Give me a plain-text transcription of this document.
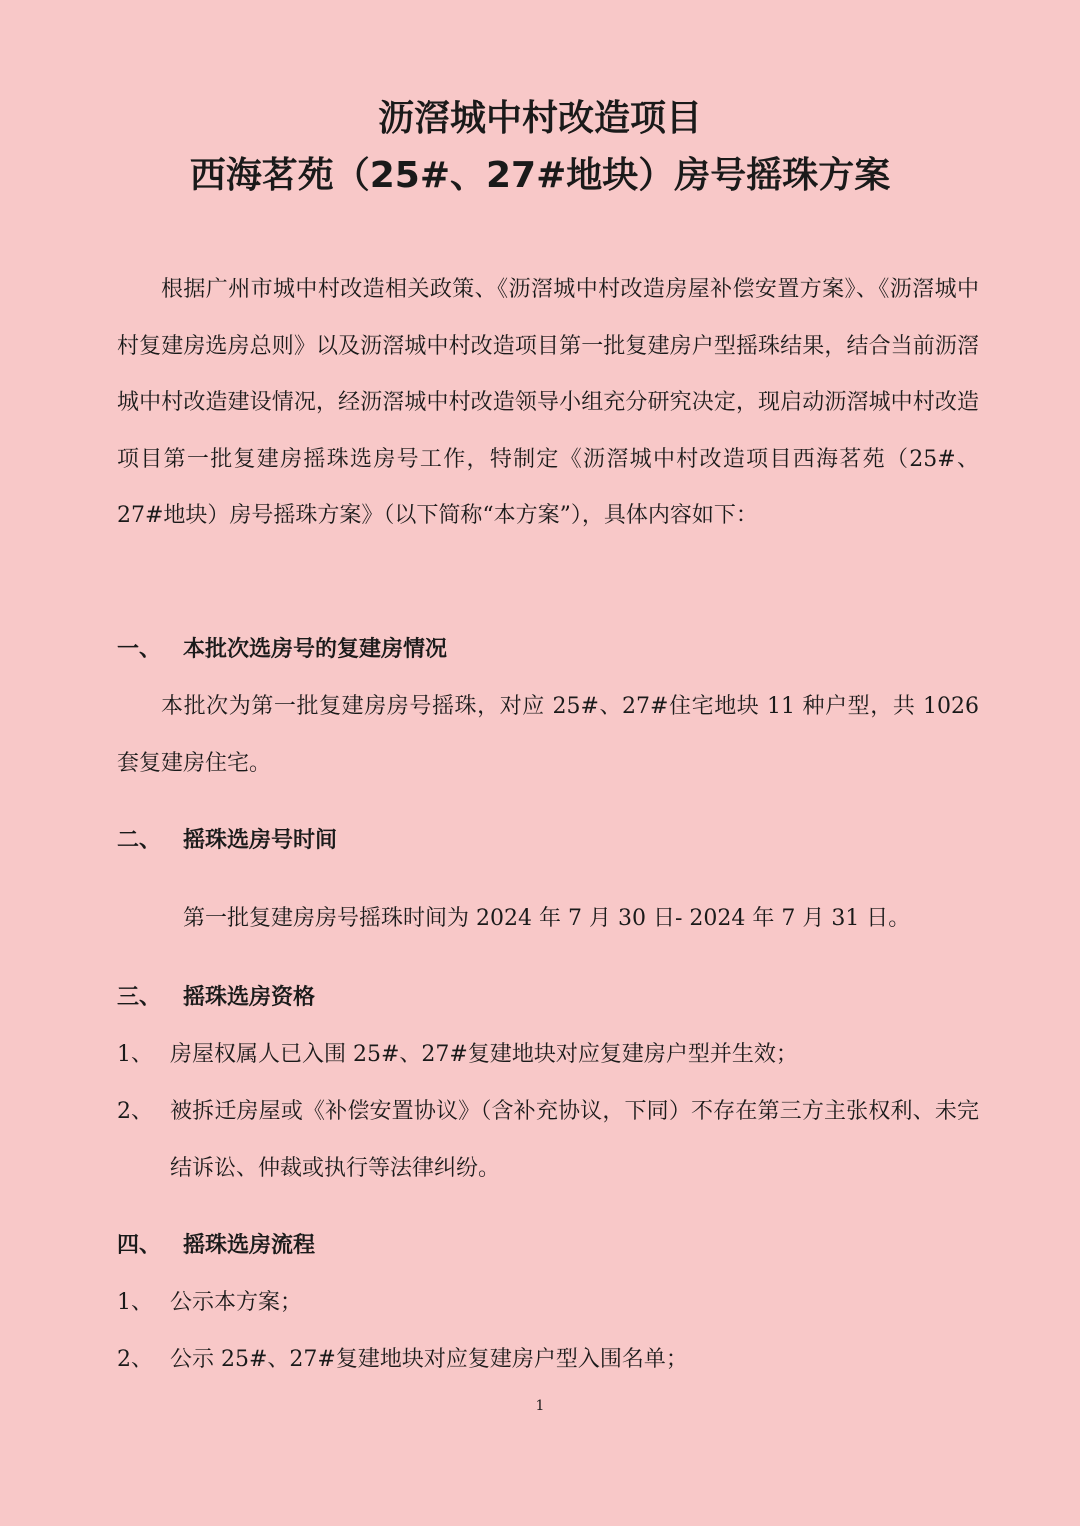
沥滘城中村改造项目
西海茗苑（25#、27#地块）房号摇珠方案

根据广州市城中村改造相关政策、《沥滘城中村改造房屋补偿安置方案》、《沥滘城中村复建房选房总则》以及沥滘城中村改造项目第一批复建房户型摇珠结果，结合当前沥滘城中村改造建设情况，经沥滘城中村改造领导小组充分研究决定，现启动沥滘城中村改造项目第一批复建房摇珠选房号工作，特制定《沥滘城中村改造项目西海茗苑（25#、27#地块）房号摇珠方案》（以下简称“本方案”），具体内容如下：

一、 本批次选房号的复建房情况

本批次为第一批复建房房号摇珠，对应 25#、27#住宅地块 11 种户型，共 1026 套复建房住宅。

二、 摇珠选房号时间

第一批复建房房号摇珠时间为 2024 年 7 月 30 日- 2024 年 7 月 31 日。

三、 摇珠选房资格
1、 房屋权属人已入围 25#、27#复建地块对应复建房户型并生效；
2、 被拆迁房屋或《补偿安置协议》（含补充协议，下同）不存在第三方主张权利、未完结诉讼、仲裁或执行等法律纠纷。
四、 摇珠选房流程
1、 公示本方案；
2、 公示 25#、27#复建地块对应复建房户型入围名单；
1
